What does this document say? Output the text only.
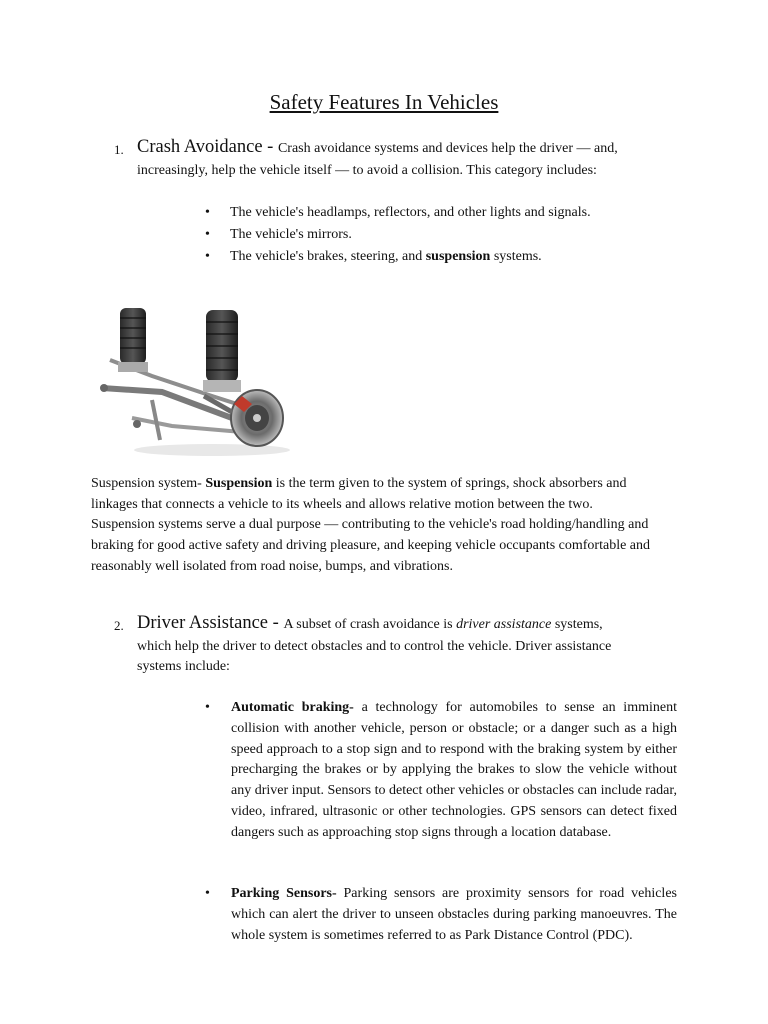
Safety Features In Vehicles
1. Crash Avoidance - Crash avoidance systems and devices help the driver — and,
increasingly, help the vehicle itself — to avoid a collision. This category includes:
• The vehicle's headlamps, reflectors, and other lights and signals.
• The vehicle's mirrors.
• The vehicle's brakes, steering, and suspension systems.

Suspension system- Suspension is the term given to the system of springs, shock absorbers and linkages that connects a vehicle to its wheels and allows relative motion between the two. Suspension systems serve a dual purpose — contributing to the vehicle's road holding/handling and braking for good active safety and driving pleasure, and keeping vehicle occupants comfortable and reasonably well isolated from road noise, bumps, and vibrations.

2. Driver Assistance - A subset of crash avoidance is driver assistance systems,
which help the driver to detect obstacles and to control the vehicle. Driver assistance
systems include:
• Automatic braking- a technology for automobiles to sense an imminent collision with another vehicle, person or obstacle; or a danger such as a high speed approach to a stop sign and to respond with the braking system by either precharging the brakes or by applying the brakes to slow the vehicle without any driver input. Sensors to detect other vehicles or obstacles can include radar, video, infrared, ultrasonic or other technologies. GPS sensors can detect fixed dangers such as approaching stop signs through a location database.
• Parking Sensors- Parking sensors are proximity sensors for road vehicles which can alert the driver to unseen obstacles during parking manoeuvres. The whole system is sometimes referred to as Park Distance Control (PDC).
